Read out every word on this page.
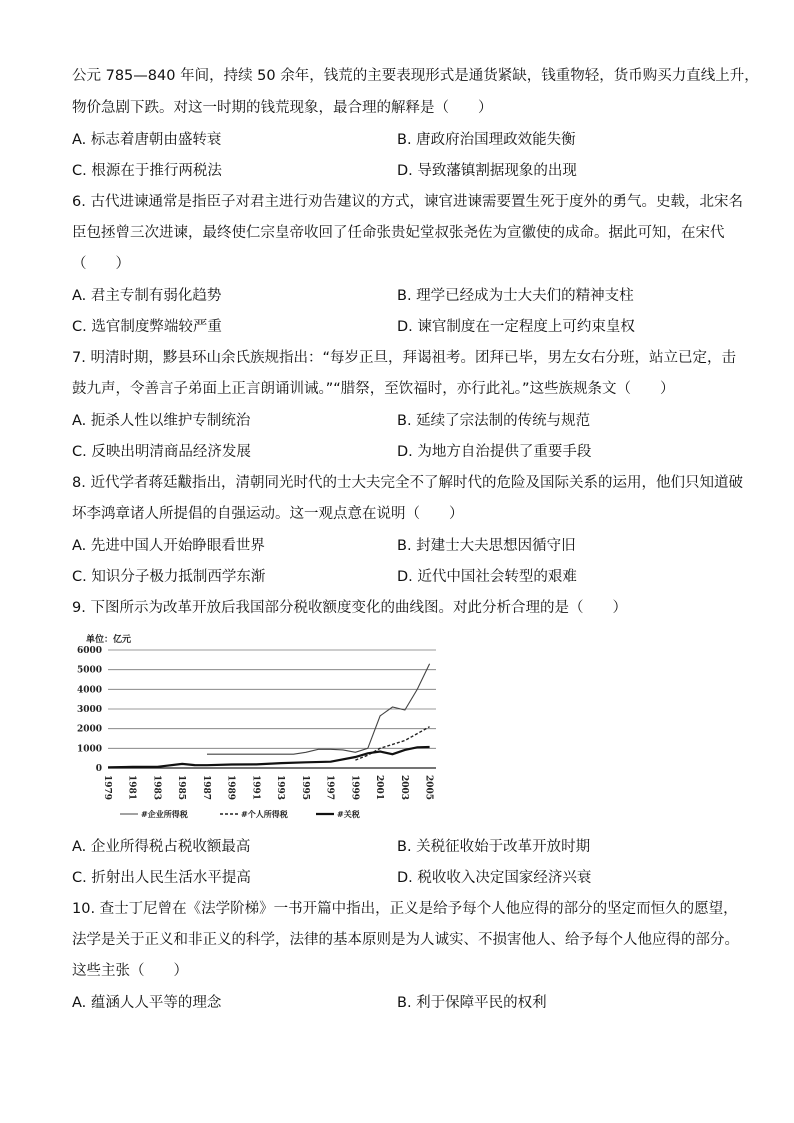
公元 785—840 年间，持续 50 余年，钱荒的主要表现形式是通货紧缺，钱重物轻，货币购买力直线上升，
物价急剧下跌。对这一时期的钱荒现象，最合理的解释是（　　）
A. 标志着唐朝由盛转衰	B. 唐政府治国理政效能失衡
C. 根源在于推行两税法	D. 导致藩镇割据现象的出现
6. 古代进谏通常是指臣子对君主进行劝告建议的方式，谏官进谏需要置生死于度外的勇气。史载，北宋名
臣包拯曾三次进谏，最终使仁宗皇帝收回了任命张贵妃堂叔张尧佐为宣徽使的成命。据此可知，在宋代
（　　）
A. 君主专制有弱化趋势	B. 理学已经成为士大夫们的精神支柱
C. 选官制度弊端较严重	D. 谏官制度在一定程度上可约束皇权
7. 明清时期，黟县环山余氏族规指出：“每岁正旦，拜谒祖考。团拜已毕，男左女右分班，站立已定，击
鼓九声，令善言子弟面上正言朗诵训诫。”“腊祭，至饮福时，亦行此礼。”这些族规条文（　　）
A. 扼杀人性以维护专制统治	B. 延续了宗法制的传统与规范
C. 反映出明清商品经济发展	D. 为地方自治提供了重要手段
8. 近代学者蒋廷黻指出，清朝同光时代的士大夫完全不了解时代的危险及国际关系的运用，他们只知道破
坏李鸿章诸人所提倡的自强运动。这一观点意在说明（　　）
A. 先进中国人开始睁眼看世界	B. 封建士大夫思想因循守旧
C. 知识分子极力抵制西学东渐	D. 近代中国社会转型的艰难
9. 下图所示为改革开放后我国部分税收额度变化的曲线图。对此分析合理的是（　　）
单位：亿元
0
1000
2000
3000
4000
5000
6000
1979 1981 1983 1985 1987 1989 1991 1993 1995 1997 1999 2001 2003 2005
#企业所得税	#个人所得税	#关税
A. 企业所得税占税收额最高	B. 关税征收始于改革开放时期
C. 折射出人民生活水平提高	D. 税收收入决定国家经济兴衰
10. 查士丁尼曾在《法学阶梯》一书开篇中指出，正义是给予每个人他应得的部分的坚定而恒久的愿望，
法学是关于正义和非正义的科学，法律的基本原则是为人诚实、不损害他人、给予每个人他应得的部分。
这些主张（　　）
A. 蕴涵人人平等的理念	B. 利于保障平民的权利
